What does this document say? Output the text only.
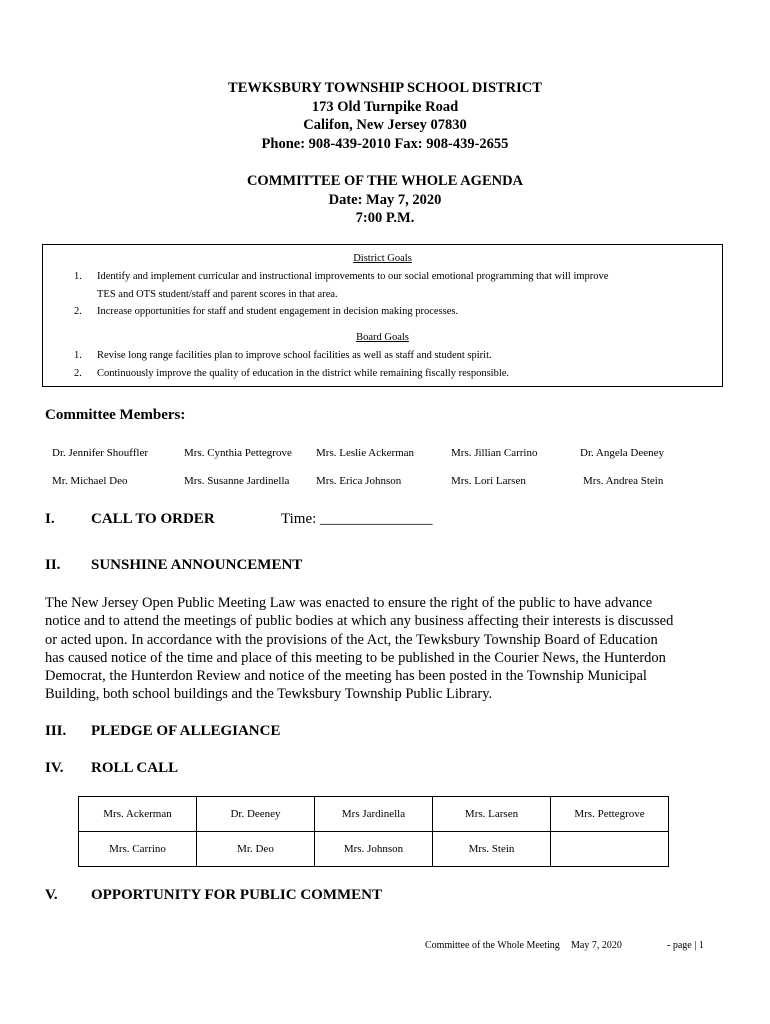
TEWKSBURY TOWNSHIP SCHOOL DISTRICT
173 Old Turnpike Road
Califon, New Jersey 07830
Phone: 908-439-2010 Fax: 908-439-2655
COMMITTEE OF THE WHOLE AGENDA
Date: May 7, 2020
7:00 P.M.
District Goals
1. Identify and implement curricular and instructional improvements to our social emotional programming that will improve
TES and OTS student/staff and parent scores in that area.
2. Increase opportunities for staff and student engagement in decision making processes.
Board Goals
1. Revise long range facilities plan to improve school facilities as well as staff and student spirit.
2. Continuously improve the quality of education in the district while remaining fiscally responsible.
Committee Members:
Dr. Jennifer Shouffler	Mrs. Cynthia Pettegrove Mrs. Leslie Ackerman	Mrs. Jillian Carrino	Dr. Angela Deeney
Mr. Michael Deo	Mrs. Susanne Jardinella Mrs. Erica Johnson	Mrs. Lori Larsen	Mrs. Andrea Stein
I. CALL TO ORDER	Time: _______________
II. SUNSHINE ANNOUNCEMENT
The New Jersey Open Public Meeting Law was enacted to ensure the right of the public to have advance
notice and to attend the meetings of public bodies at which any business affecting their interests is discussed
or acted upon. In accordance with the provisions of the Act, the Tewksbury Township Board of Education
has caused notice of the time and place of this meeting to be published in the Courier News, the Hunterdon
Democrat, the Hunterdon Review and notice of the meeting has been posted in the Township Municipal
Building, both school buildings and the Tewksbury Township Public Library.
III. PLEDGE OF ALLEGIANCE
IV. ROLL CALL
Mrs. Ackerman	Dr. Deeney	Mrs Jardinella	Mrs. Larsen	Mrs. Pettegrove
Mrs. Carrino	Mr. Deo	Mrs. Johnson	Mrs. Stein	
V. OPPORTUNITY FOR PUBLIC COMMENT
Committee of the Whole Meeting May 7, 2020	- page | 1
